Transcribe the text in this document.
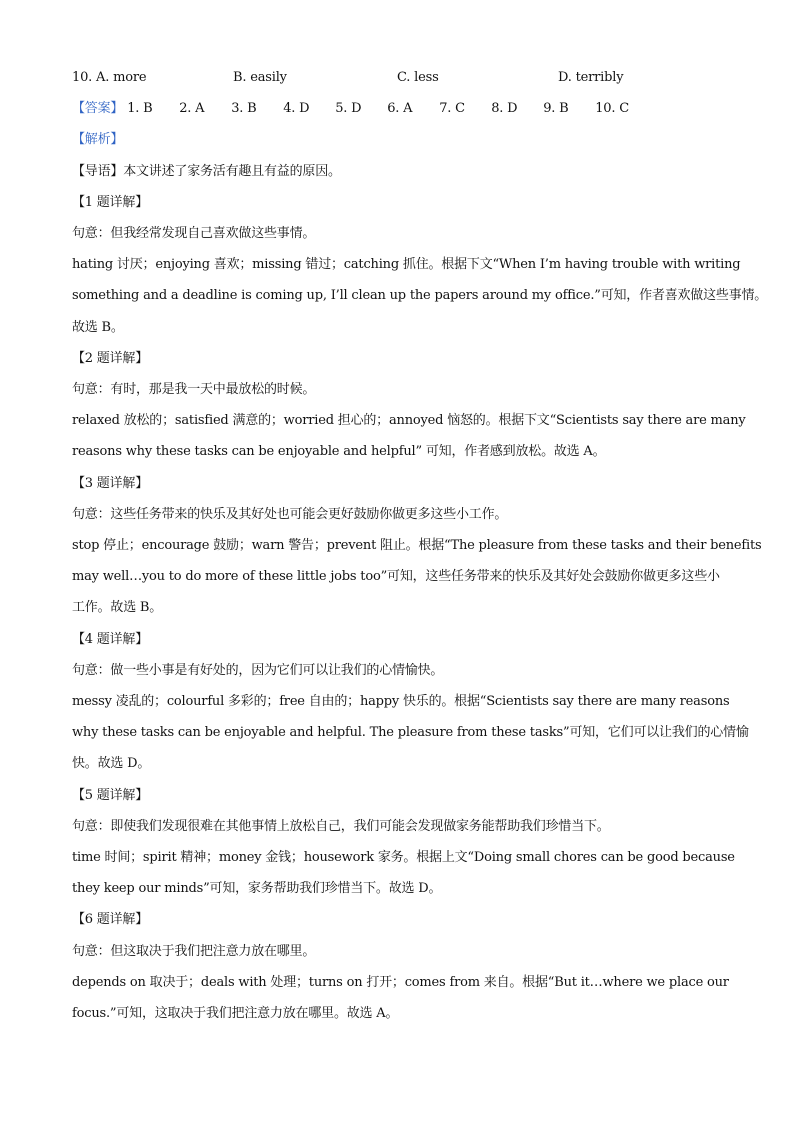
10. A. more	B. easily	C. less	D. terribly
【答案】 1. B	2. A	3. B	4. D	5. D	6. A	7. C	8. D	9. B	10. C
【解析】
【导语】本文讲述了家务活有趣且有益的原因。
【1 题详解】
句意：但我经常发现自己喜欢做这些事情。
hating 讨厌；enjoying 喜欢；missing 错过；catching 抓住。根据下文“When I’m having trouble with writing
something and a deadline is coming up, I’ll clean up the papers around my office.”可知，作者喜欢做这些事情。
故选 B。
【2 题详解】
句意：有时，那是我一天中最放松的时候。
relaxed 放松的；satisfied 满意的；worried 担心的；annoyed 恼怒的。根据下文“Scientists say there are many
reasons why these tasks can be enjoyable and helpful” 可知，作者感到放松。故选 A。
【3 题详解】
句意：这些任务带来的快乐及其好处也可能会更好鼓励你做更多这些小工作。
stop 停止；encourage 鼓励；warn 警告；prevent 阻止。根据“The pleasure from these tasks and their benefits
may well…you to do more of these little jobs too”可知，这些任务带来的快乐及其好处会鼓励你做更多这些小
工作。故选 B。
【4 题详解】
句意：做一些小事是有好处的，因为它们可以让我们的心情愉快。
messy 凌乱的；colourful 多彩的；free 自由的；happy 快乐的。根据“Scientists say there are many reasons
why these tasks can be enjoyable and helpful. The pleasure from these tasks”可知，它们可以让我们的心情愉
快。故选 D。
【5 题详解】
句意：即使我们发现很难在其他事情上放松自己，我们可能会发现做家务能帮助我们珍惜当下。
time 时间；spirit 精神；money 金钱；housework 家务。根据上文“Doing small chores can be good because
they keep our minds”可知，家务帮助我们珍惜当下。故选 D。
【6 题详解】
句意：但这取决于我们把注意力放在哪里。
depends on 取决于；deals with 处理；turns on 打开；comes from 来自。根据“But it…where we place our
focus.”可知，这取决于我们把注意力放在哪里。故选 A。
